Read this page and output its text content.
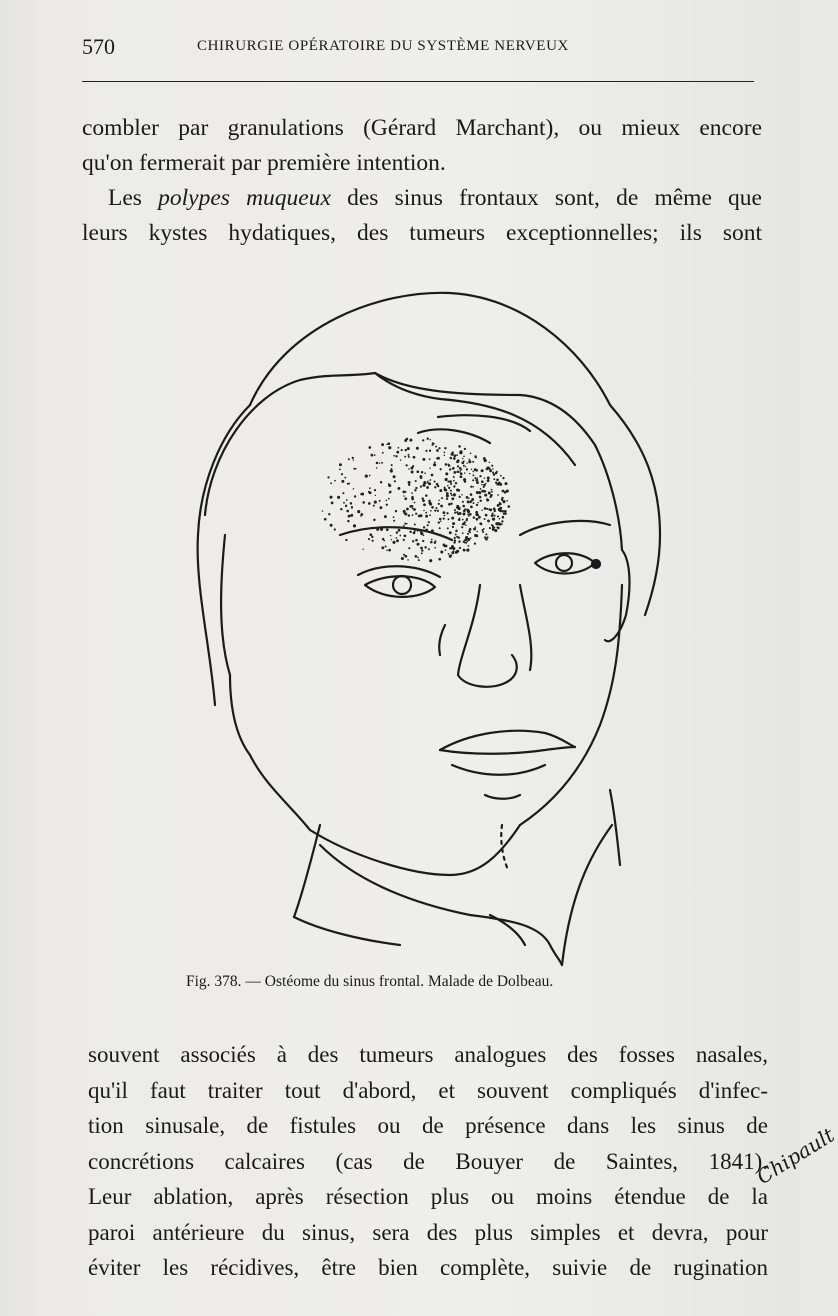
570	CHIRURGIE OPÉRATOIRE DU SYSTÈME NERVEUX
combler par granulations (Gérard Marchant), ou mieux encore
qu'on fermerait par première intention.
Les polypes muqueux des sinus frontaux sont, de même que
leurs kystes hydatiques, des tumeurs exceptionnelles; ils sont
Chipault
Fig. 378. — Ostéome du sinus frontal. Malade de Dolbeau.
souvent associés à des tumeurs analogues des fosses nasales,
qu'il faut traiter tout d'abord, et souvent compliqués d'infec-
tion sinusale, de fistules ou de présence dans les sinus de
concrétions calcaires (cas de Bouyer de Saintes, 1841).
Leur ablation, après résection plus ou moins étendue de la
paroi antérieure du sinus, sera des plus simples et devra, pour
éviter les récidives, être bien complète, suivie de rugination
